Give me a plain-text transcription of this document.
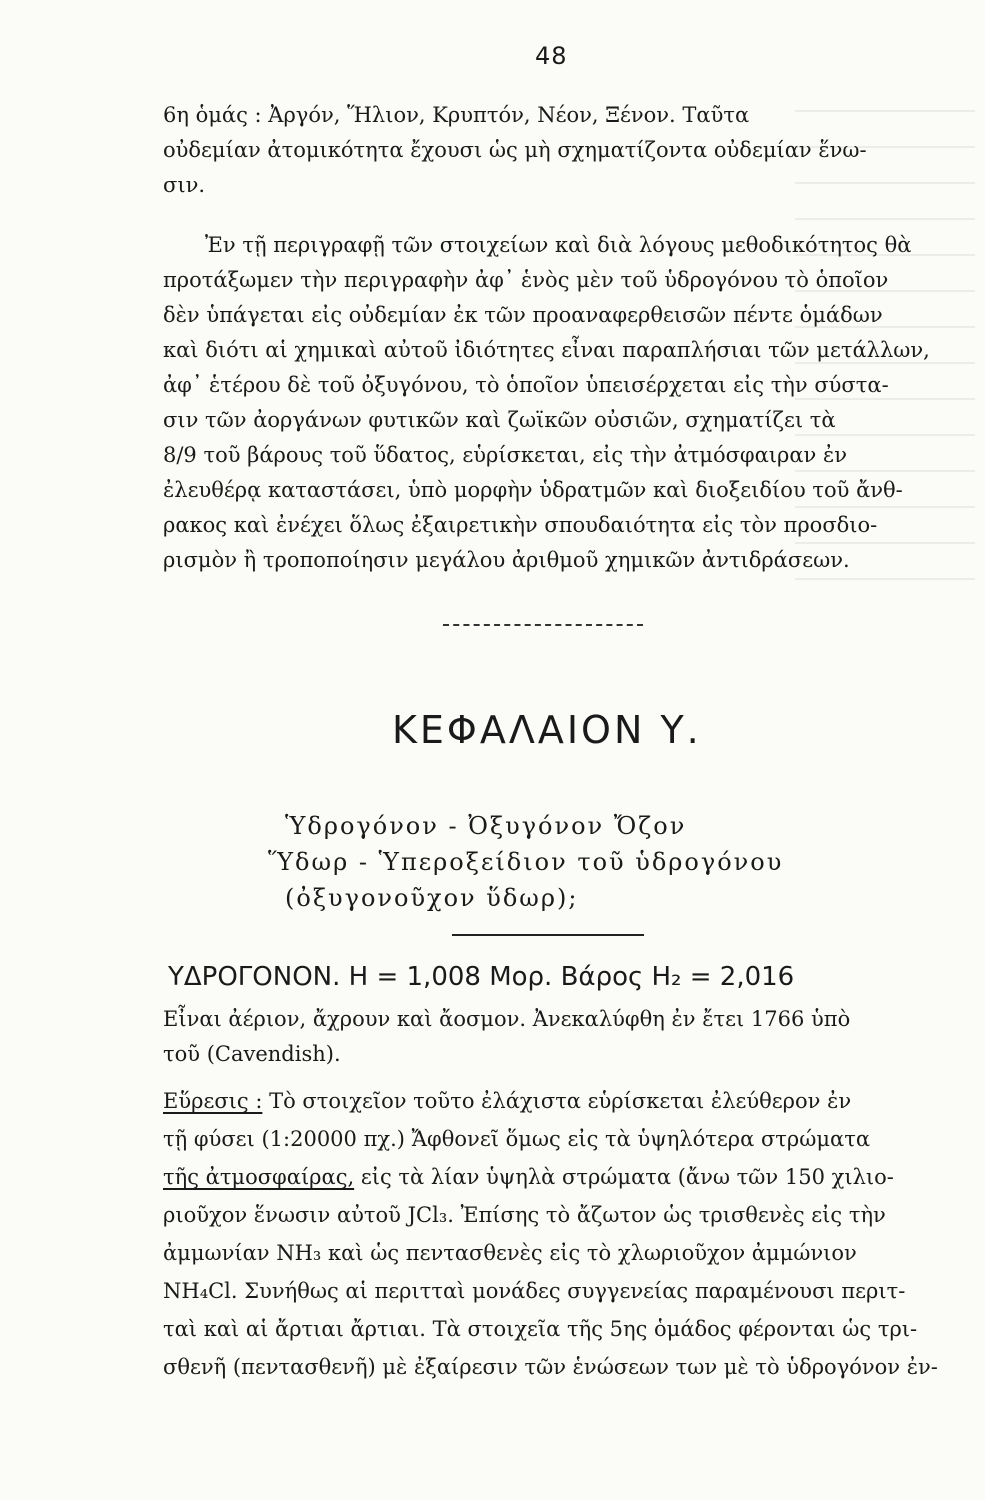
48
6η ὁμάς : Ἀργόν, Ἥλιον, Κρυπτόν, Νέον, Ξένον. Ταῦτα
οὐδεμίαν ἀτομικότητα ἔχουσι ὡς μὴ σχηματίζοντα οὐδεμίαν ἕνω-
σιν.
Ἐν τῇ περιγραφῇ τῶν στοιχείων καὶ διὰ λόγους μεθοδικότητος θὰ
προτάξωμεν τὴν περιγραφὴν ἀφ᾿ ἑνὸς μὲν τοῦ ὑδρογόνου τὸ ὁποῖον
δὲν ὑπάγεται εἰς οὐδεμίαν ἐκ τῶν προαναφερθεισῶν πέντε ὁμάδων
καὶ διότι αἱ χημικαὶ αὐτοῦ ἰδιότητες εἶναι παραπλήσιαι τῶν μετάλλων,
ἀφ᾿ ἑτέρου δὲ τοῦ ὀξυγόνου, τὸ ὁποῖον ὑπεισέρχεται εἰς τὴν σύστα-
σιν τῶν ἀοργάνων φυτικῶν καὶ ζωϊκῶν οὐσιῶν, σχηματίζει τὰ
8/9 τοῦ βάρους τοῦ ὕδατος, εὑρίσκεται, εἰς τὴν ἀτμόσφαιραν ἐν
ἐλευθέρᾳ καταστάσει, ὑπὸ μορφὴν ὑδρατμῶν καὶ διοξειδίου τοῦ ἄνθ-
ρακος καὶ ἐνέχει ὅλως ἐξαιρετικὴν σπουδαιότητα εἰς τὸν προσδιο-
ρισμὸν ἢ τροποποίησιν μεγάλου ἀριθμοῦ χημικῶν ἀντιδράσεων.
ΚΕΦΑΛΑΙΟΝ Υ.
Ὑδρογόνον - Ὀξυγόνον Ὄζον
Ὕδωρ - Ὑπεροξείδιον τοῦ ὑδρογόνου
(ὀξυγονοῦχον ὕδωρ);
ΥΔΡΟΓΟΝΟΝ. Η = 1,008 Μορ. Βάρος Η₂ = 2,016
Εἶναι ἀέριον, ἄχρουν καὶ ἄοσμον. Ἀνεκαλύφθη ἐν ἔτει 1766 ὑπὸ
τοῦ (Cavendish).
Εὕρεσις : Τὸ στοιχεῖον τοῦτο ἐλάχιστα εὑρίσκεται ἐλεύθερον ἐν
τῇ φύσει (1:20000 πχ.) Ἄφθονεῖ ὅμως εἰς τὰ ὑψηλότερα στρώματα
τῆς ἀτμοσφαίρας, εἰς τὰ λίαν ὑψηλὰ στρώματα (ἄνω τῶν 150 χιλιο-
ριοῦχον ἕνωσιν αὐτοῦ JCl₃. Ἐπίσης τὸ ἄζωτον ὡς τρισθενὲς εἰς τὴν
ἀμμωνίαν NH₃ καὶ ὡς πεντασθενὲς εἰς τὸ χλωριοῦχον ἀμμώνιον
NH₄Cl. Συνήθως αἱ περιτταὶ μονάδες συγγενείας παραμένουσι περιτ-
ταὶ καὶ αἱ ἄρτιαι ἄρτιαι. Τὰ στοιχεῖα τῆς 5ης ὁμάδος φέρονται ὡς τρι-
σθενῆ (πεντασθενῆ) μὲ ἐξαίρεσιν τῶν ἑνώσεων των μὲ τὸ ὑδρογόνον ἐν-
